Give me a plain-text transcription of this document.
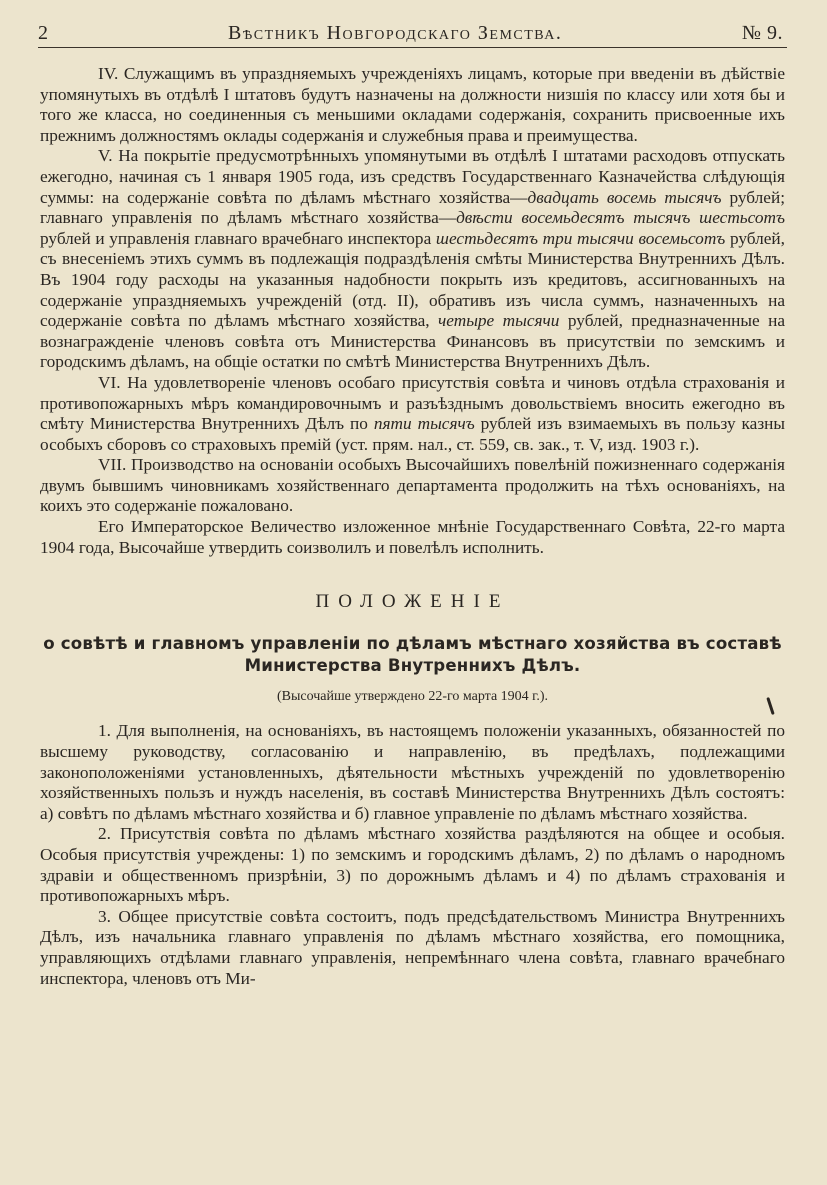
2	Вѣстникъ Новгородскаго Земства.	№ 9.

IV. Служащимъ въ упраздняемыхъ учрежденіяхъ лицамъ, которые при введеніи въ дѣйствіе упомянутыхъ въ отдѣлѣ I штатовъ будутъ назначены на должности низшія по классу или хотя бы и того же класса, но соединенныя съ меньшими окладами содержанія, сохранить присвоенные ихъ прежнимъ должностямъ оклады содержанія и служебныя права и преимущества.

V. На покрытіе предусмотрѣнныхъ упомянутыми въ отдѣлѣ I штатами расходовъ отпускать ежегодно, начиная съ 1 января 1905 года, изъ средствъ Государственнаго Казначейства слѣдующія суммы: на содержаніе совѣта по дѣламъ мѣстнаго хозяйства—двадцать восемь тысячъ рублей; главнаго управленія по дѣламъ мѣстнаго хозяйства—двѣсти восемьдесятъ тысячъ шестьсотъ рублей и управленія главнаго врачебнаго инспектора шестьдесятъ три тысячи восемьсотъ рублей, съ внесеніемъ этихъ суммъ въ подлежащія подраздѣленія смѣты Министерства Внутреннихъ Дѣлъ. Въ 1904 году расходы на указанныя надобности покрыть изъ кредитовъ, ассигнованныхъ на содержаніе упраздняемыхъ учрежденій (отд. II), обративъ изъ числа суммъ, назначенныхъ на содержаніе совѣта по дѣламъ мѣстнаго хозяйства, четыре тысячи рублей, предназначенные на вознагражденіе членовъ совѣта отъ Министерства Финансовъ въ присутствіи по земскимъ и городскимъ дѣламъ, на общіе остатки по смѣтѣ Министерства Внутреннихъ Дѣлъ.

VI. На удовлетвореніе членовъ особаго присутствія совѣта и чиновъ отдѣла страхованія и противопожарныхъ мѣръ командировочнымъ и разъѣзднымъ довольствіемъ вносить ежегодно въ смѣту Министерства Внутреннихъ Дѣлъ по пяти тысячъ рублей изъ взимаемыхъ въ пользу казны особыхъ сборовъ со страховыхъ премій (уст. прям. нал., ст. 559, св. зак., т. V, изд. 1903 г.).

VII. Производство на основаніи особыхъ Высочайшихъ повелѣній пожизненнаго содержанія двумъ бывшимъ чиновникамъ хозяйственнаго департамента продолжить на тѣхъ основаніяхъ, на коихъ это содержаніе пожаловано.

Его Императорское Величество изложенное мнѣніе Государственнаго Совѣта, 22-го марта 1904 года, Высочайше утвердить соизволилъ и повелѣлъ исполнить.

ПОЛОЖЕНІЕ
о совѣтѣ и главномъ управленіи по дѣламъ мѣстнаго хозяйства въ составѣ Министерства Внутреннихъ Дѣлъ.
(Высочайше утверждено 22-го марта 1904 г.).

1. Для выполненія, на основаніяхъ, въ настоящемъ положеніи указанныхъ, обязанностей по высшему руководству, согласованію и направленію, въ предѣлахъ, подлежащими законоположеніями установленныхъ, дѣятельности мѣстныхъ учрежденій по удовлетворенію хозяйственныхъ пользъ и нуждъ населенія, въ составѣ Министерства Внутреннихъ Дѣлъ состоятъ: а) совѣтъ по дѣламъ мѣстнаго хозяйства и б) главное управленіе по дѣламъ мѣстнаго хозяйства.

2. Присутствія совѣта по дѣламъ мѣстнаго хозяйства раздѣляются на общее и особыя. Особыя присутствія учреждены: 1) по земскимъ и городскимъ дѣламъ, 2) по дѣламъ о народномъ здравіи и общественномъ призрѣніи, 3) по дорожнымъ дѣламъ и 4) по дѣламъ страхованія и противопожарныхъ мѣръ.

3. Общее присутствіе совѣта состоитъ, подъ предсѣдательствомъ Министра Внутреннихъ Дѣлъ, изъ начальника главнаго управленія по дѣламъ мѣстнаго хозяйства, его помощника, управляющихъ отдѣлами главнаго управленія, непремѣннаго члена совѣта, главнаго врачебнаго инспектора, членовъ отъ Ми-
